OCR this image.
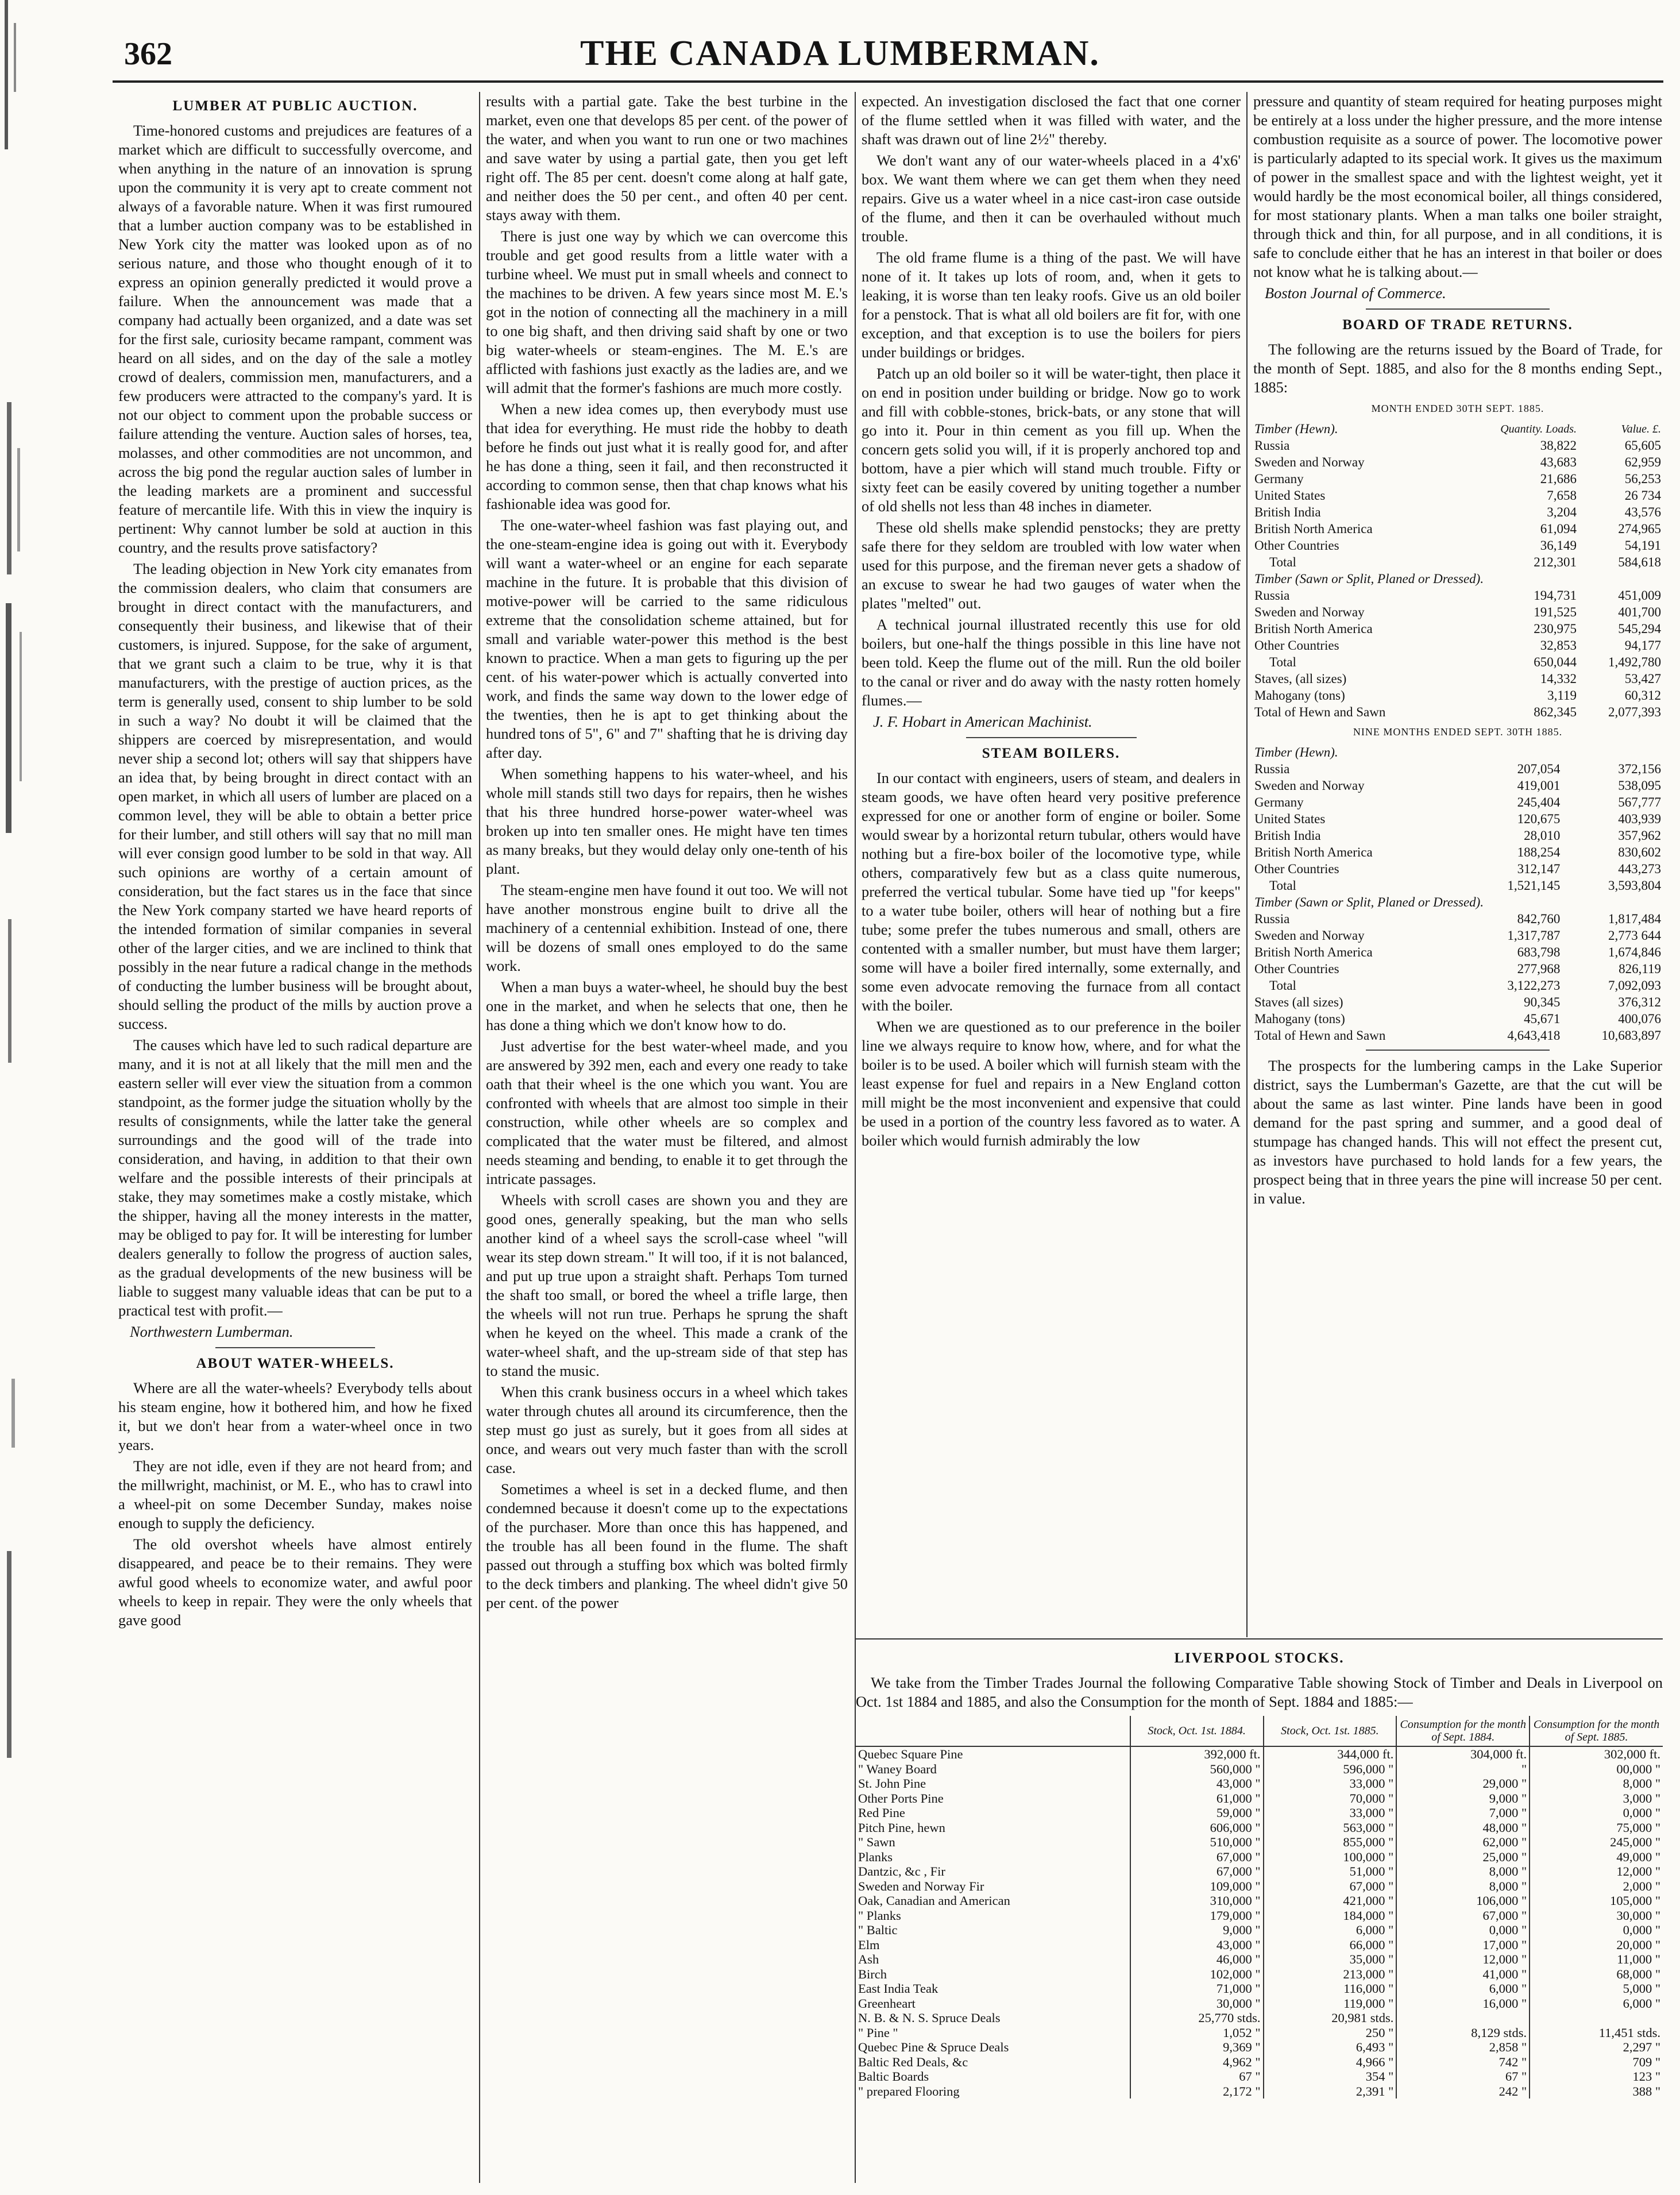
362	THE CANADA LUMBERMAN.
LUMBER AT PUBLIC AUCTION.

Time-honored customs and prejudices are features of a market which are difficult to successfully overcome, and when anything in the nature of an innovation is sprung upon the community it is very apt to create comment not always of a favorable nature. When it was first rumoured that a lumber auction company was to be established in New York city the matter was looked upon as of no serious nature, and those who thought enough of it to express an opinion generally predicted it would prove a failure. When the announcement was made that a company had actually been organized, and a date was set for the first sale, curiosity became rampant, comment was heard on all sides, and on the day of the sale a motley crowd of dealers, commission men, manufacturers, and a few producers were attracted to the company's yard. It is not our object to comment upon the probable success or failure attending the venture. Auction sales of horses, tea, molasses, and other commodities are not uncommon, and across the big pond the regular auction sales of lumber in the leading markets are a prominent and successful feature of mercantile life. With this in view the inquiry is pertinent: Why cannot lumber be sold at auction in this country, and the results prove satisfactory?

The leading objection in New York city emanates from the commission dealers, who claim that consumers are brought in direct contact with the manufacturers, and consequently their business, and likewise that of their customers, is injured. Suppose, for the sake of argument, that we grant such a claim to be true, why it is that manufacturers, with the prestige of auction prices, as the term is generally used, consent to ship lumber to be sold in such a way? No doubt it will be claimed that the shippers are coerced by misrepresentation, and would never ship a second lot; others will say that shippers have an idea that, by being brought in direct contact with an open market, in which all users of lumber are placed on a common level, they will be able to obtain a better price for their lumber, and still others will say that no mill man will ever consign good lumber to be sold in that way. All such opinions are worthy of a certain amount of consideration, but the fact stares us in the face that since the New York company started we have heard reports of the intended formation of similar companies in several other of the larger cities, and we are inclined to think that possibly in the near future a radical change in the methods of conducting the lumber business will be brought about, should selling the product of the mills by auction prove a success.

The causes which have led to such radical departure are many, and it is not at all likely that the mill men and the eastern seller will ever view the situation from a common standpoint, as the former judge the situation wholly by the results of consignments, while the latter take the general surroundings and the good will of the trade into consideration, and having, in addition to that their own welfare and the possible interests of their principals at stake, they may sometimes make a costly mistake, which the shipper, having all the money interests in the matter, may be obliged to pay for. It will be interesting for lumber dealers generally to follow the progress of auction sales, as the gradual developments of the new business will be liable to suggest many valuable ideas that can be put to a practical test with profit.—

Northwestern Lumberman.
ABOUT WATER-WHEELS.

Where are all the water-wheels? Everybody tells about his steam engine, how it bothered him, and how he fixed it, but we don't hear from a water-wheel once in two years.

They are not idle, even if they are not heard from; and the millwright, machinist, or M. E., who has to crawl into a wheel-pit on some December Sunday, makes noise enough to supply the deficiency.

The old overshot wheels have almost entirely disappeared, and peace be to their remains. They were awful good wheels to economize water, and awful poor wheels to keep in repair. They were the only wheels that gave good

results with a partial gate. Take the best turbine in the market, even one that develops 85 per cent. of the power of the water, and when you want to run one or two machines and save water by using a partial gate, then you get left right off. The 85 per cent. doesn't come along at half gate, and neither does the 50 per cent., and often 40 per cent. stays away with them.

There is just one way by which we can overcome this trouble and get good results from a little water with a turbine wheel. We must put in small wheels and connect to the machines to be driven. A few years since most M. E.'s got in the notion of connecting all the machinery in a mill to one big shaft, and then driving said shaft by one or two big water-wheels or steam-engines. The M. E.'s are afflicted with fashions just exactly as the ladies are, and we will admit that the former's fashions are much more costly.

When a new idea comes up, then everybody must use that idea for everything. He must ride the hobby to death before he finds out just what it is really good for, and after he has done a thing, seen it fail, and then reconstructed it according to common sense, then that chap knows what his fashionable idea was good for.

The one-water-wheel fashion was fast playing out, and the one-steam-engine idea is going out with it. Everybody will want a water-wheel or an engine for each separate machine in the future. It is probable that this division of motive-power will be carried to the same ridiculous extreme that the consolidation scheme attained, but for small and variable water-power this method is the best known to practice. When a man gets to figuring up the per cent. of his water-power which is actually converted into work, and finds the same way down to the lower edge of the twenties, then he is apt to get thinking about the hundred tons of 5", 6" and 7" shafting that he is driving day after day.

When something happens to his water-wheel, and his whole mill stands still two days for repairs, then he wishes that his three hundred horse-power water-wheel was broken up into ten smaller ones. He might have ten times as many breaks, but they would delay only one-tenth of his plant.

The steam-engine men have found it out too. We will not have another monstrous engine built to drive all the machinery of a centennial exhibition. Instead of one, there will be dozens of small ones employed to do the same work.

When a man buys a water-wheel, he should buy the best one in the market, and when he selects that one, then he has done a thing which we don't know how to do.

Just advertise for the best water-wheel made, and you are answered by 392 men, each and every one ready to take oath that their wheel is the one which you want. You are confronted with wheels that are almost too simple in their construction, while other wheels are so complex and complicated that the water must be filtered, and almost needs steaming and bending, to enable it to get through the intricate passages.

Wheels with scroll cases are shown you and they are good ones, generally speaking, but the man who sells another kind of a wheel says the scroll-case wheel "will wear its step down stream." It will too, if it is not balanced, and put up true upon a straight shaft. Perhaps Tom turned the shaft too small, or bored the wheel a trifle large, then the wheels will not run true. Perhaps he sprung the shaft when he keyed on the wheel. This made a crank of the water-wheel shaft, and the up-stream side of that step has to stand the music.

When this crank business occurs in a wheel which takes water through chutes all around its circumference, then the step must go just as surely, but it goes from all sides at once, and wears out very much faster than with the scroll case.

Sometimes a wheel is set in a decked flume, and then condemned because it doesn't come up to the expectations of the purchaser. More than once this has happened, and the trouble has all been found in the flume. The shaft passed out through a stuffing box which was bolted firmly to the deck timbers and planking. The wheel didn't give 50 per cent. of the power

expected. An investigation disclosed the fact that one corner of the flume settled when it was filled with water, and the shaft was drawn out of line 2½" thereby.

We don't want any of our water-wheels placed in a 4'x6' box. We want them where we can get them when they need repairs. Give us a water wheel in a nice cast-iron case outside of the flume, and then it can be overhauled without much trouble.

The old frame flume is a thing of the past. We will have none of it. It takes up lots of room, and, when it gets to leaking, it is worse than ten leaky roofs. Give us an old boiler for a penstock. That is what all old boilers are fit for, with one exception, and that exception is to use the boilers for piers under buildings or bridges.

Patch up an old boiler so it will be water-tight, then place it on end in position under building or bridge. Now go to work and fill with cobble-stones, brick-bats, or any stone that will go into it. Pour in thin cement as you fill up. When the concern gets solid you will, if it is properly anchored top and bottom, have a pier which will stand much trouble. Fifty or sixty feet can be easily covered by uniting together a number of old shells not less than 48 inches in diameter.

These old shells make splendid penstocks; they are pretty safe there for they seldom are troubled with low water when used for this purpose, and the fireman never gets a shadow of an excuse to swear he had two gauges of water when the plates "melted" out.

A technical journal illustrated recently this use for old boilers, but one-half the things possible in this line have not been told. Keep the flume out of the mill. Run the old boiler to the canal or river and do away with the nasty rotten homely flumes.—

J. F. Hobart in American Machinist.
STEAM BOILERS.

In our contact with engineers, users of steam, and dealers in steam goods, we have often heard very positive preference expressed for one or another form of engine or boiler. Some would swear by a horizontal return tubular, others would have nothing but a fire-box boiler of the locomotive type, while others, comparatively few but as a class quite numerous, preferred the vertical tubular. Some have tied up "for keeps" to a water tube boiler, others will hear of nothing but a fire tube; some prefer the tubes numerous and small, others are contented with a smaller number, but must have them larger; some will have a boiler fired internally, some externally, and some even advocate removing the furnace from all contact with the boiler.

When we are questioned as to our preference in the boiler line we always require to know how, where, and for what the boiler is to be used. A boiler which will furnish steam with the least expense for fuel and repairs in a New England cotton mill might be the most inconvenient and expensive that could be used in a portion of the country less favored as to water. A boiler which would furnish admirably the low

pressure and quantity of steam required for heating purposes might be entirely at a loss under the higher pressure, and the more intense combustion requisite as a source of power. The locomotive power is particularly adapted to its special work. It gives us the maximum of power in the smallest space and with the lightest weight, yet it would hardly be the most economical boiler, all things considered, for most stationary plants. When a man talks one boiler straight, through thick and thin, for all purpose, and in all conditions, it is safe to conclude either that he has an interest in that boiler or does not know what he is talking about.—

Boston Journal of Commerce.
BOARD OF TRADE RETURNS.

The following are the returns issued by the Board of Trade, for the month of Sept. 1885, and also for the 8 months ending Sept., 1885:

MONTH ENDED 30TH SEPT. 1885.
Timber (Hewn).	Quantity. Loads.	Value. £.
Russia	38,822	65,605
Sweden and Norway	43,683	62,959
Germany	21,686	56,253
United States	7,658	26 734
British India	3,204	43,576
British North America	61,094	274,965
Other Countries	36,149	54,191
Total	212,301	584,618
Timber (Sawn or Split, Planed or Dressed).		
Russia	194,731	451,009
Sweden and Norway	191,525	401,700
British North America	230,975	545,294
Other Countries	32,853	94,177
Total	650,044	1,492,780
Staves, (all sizes)	14,332	53,427
Mahogany (tons)	3,119	60,312
Total of Hewn and Sawn	862,345	2,077,393
NINE MONTHS ENDED SEPT. 30TH 1885.
Timber (Hewn).		
Russia	207,054	372,156
Sweden and Norway	419,001	538,095
Germany	245,404	567,777
United States	120,675	403,939
British India	28,010	357,962
British North America	188,254	830,602
Other Countries	312,147	443,273
Total	1,521,145	3,593,804
Timber (Sawn or Split, Planed or Dressed).		
Russia	842,760	1,817,484
Sweden and Norway	1,317,787	2,773 644
British North America	683,798	1,674,846
Other Countries	277,968	826,119
Total	3,122,273	7,092,093
Staves (all sizes)	90,345	376,312
Mahogany (tons)	45,671	400,076
Total of Hewn and Sawn	4,643,418	10,683,897

The prospects for the lumbering camps in the Lake Superior district, says the Lumberman's Gazette, are that the cut will be about the same as last winter. Pine lands have been in good demand for the past spring and summer, and a good deal of stumpage has changed hands. This will not effect the present cut, as investors have purchased to hold lands for a few years, the prospect being that in three years the pine will increase 50 per cent. in value.

LIVERPOOL STOCKS.
We take from the Timber Trades Journal the following Comparative Table showing Stock of Timber and Deals in Liverpool on Oct. 1st 1884 and 1885, and also the Consumption for the month of Sept. 1884 and 1885:—
	Stock, Oct. 1st. 1884.	Stock, Oct. 1st. 1885.	Consumption for the month of Sept. 1884.	Consumption for the month of Sept. 1885.
Quebec Square Pine	392,000 ft.	344,000 ft.	304,000 ft.	302,000 ft.
" Waney Board	560,000 "	596,000 "	"	00,000 "
St. John Pine	43,000 "	33,000 "	29,000 "	8,000 "
Other Ports Pine	61,000 "	70,000 "	9,000 "	3,000 "
Red Pine	59,000 "	33,000 "	7,000 "	0,000 "
Pitch Pine, hewn	606,000 "	563,000 "	48,000 "	75,000 "
" Sawn	510,000 "	855,000 "	62,000 "	245,000 "
Planks	67,000 "	100,000 "	25,000 "	49,000 "
Dantzic, &c , Fir	67,000 "	51,000 "	8,000 "	12,000 "
Sweden and Norway Fir	109,000 "	67,000 "	8,000 "	2,000 "
Oak, Canadian and American	310,000 "	421,000 "	106,000 "	105,000 "
" Planks	179,000 "	184,000 "	67,000 "	30,000 "
" Baltic	9,000 "	6,000 "	0,000 "	0,000 "
Elm	43,000 "	66,000 "	17,000 "	20,000 "
Ash	46,000 "	35,000 "	12,000 "	11,000 "
Birch	102,000 "	213,000 "	41,000 "	68,000 "
East India Teak	71,000 "	116,000 "	6,000 "	5,000 "
Greenheart	30,000 "	119,000 "	16,000 "	6,000 "
N. B. & N. S. Spruce Deals	25,770 stds.	20,981 stds.		
" Pine "	1,052 "	250 "	8,129 stds.	11,451 stds.
Quebec Pine & Spruce Deals	9,369 "	6,493 "	2,858 "	2,297 "
Baltic Red Deals, &c	4,962 "	4,966 "	742 "	709 "
Baltic Boards	67 "	354 "	67 "	123 "
" prepared Flooring	2,172 "	2,391 "	242 "	388 "
